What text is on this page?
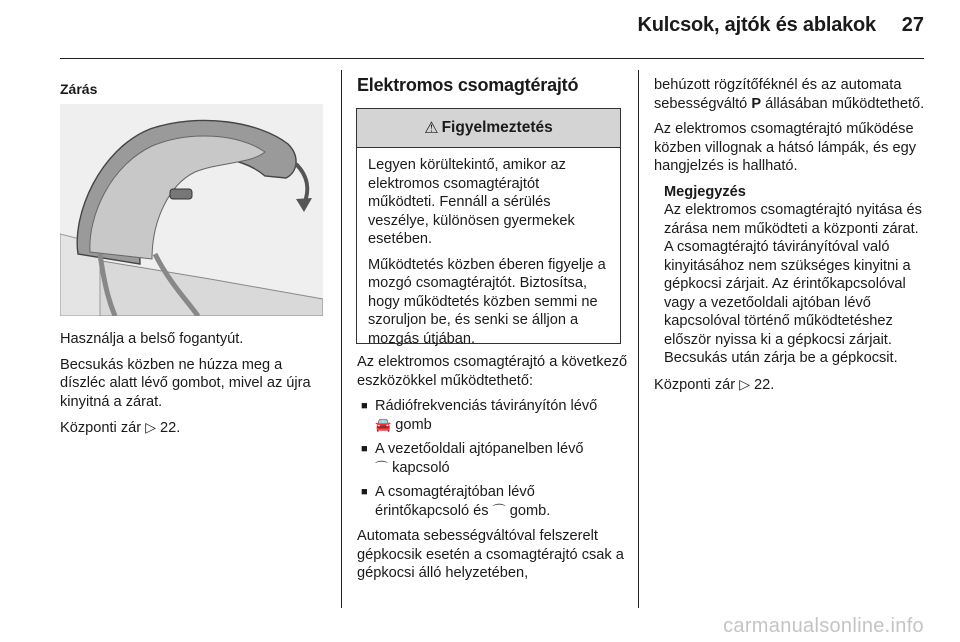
Kulcsok, ajtók és ablakok 27
Zárás

Használja a belső fogantyút.

Becsukás közben ne húzza meg a díszléc alatt lévő gombot, mivel az újra kinyitná a zárat.

Központi zár ▷ 22.

Elektromos csomagtérajtó
⚠ Figyelmeztetés

Legyen körültekintő, amikor az elektromos csomagtérajtót működteti. Fennáll a sérülés veszélye, különösen gyermekek esetében.

Működtetés közben éberen figyelje a mozgó csomagtérajtót. Biztosítsa, hogy működtetés közben semmi ne szoruljon be, és senki se álljon a mozgás útjában.

Az elektromos csomagtérajtó a következő eszközökkel működtethető:

■ Rádiófrekvenciás távirányítón lévő
🚘 gomb
■ A vezetőoldali ajtópanelben lévő
⌒ kapcsoló
■ A csomagtérajtóban lévő érintőkapcsoló és ⌒ gomb.

Automata sebességváltóval felszerelt gépkocsik esetén a csomagtérajtó csak a gépkocsi álló helyzetében,

behúzott rögzítőféknél és az automata sebességváltó P állásában működtethető.

Az elektromos csomagtérajtó működése közben villognak a hátsó lámpák, és egy hangjelzés is hallható.

Megjegyzés
Az elektromos csomagtérajtó nyitása és zárása nem működteti a központi zárat. A csomagtérajtó távirányítóval való kinyitásához nem szükséges kinyitni a gépkocsi zárjait. Az érintőkapcsolóval vagy a vezetőoldali ajtóban lévő kapcsolóval történő működtetéshez először nyissa ki a gépkocsi zárjait. Becsukás után zárja be a gépkocsit.

Központi zár ▷ 22.

carmanualsonline.info
